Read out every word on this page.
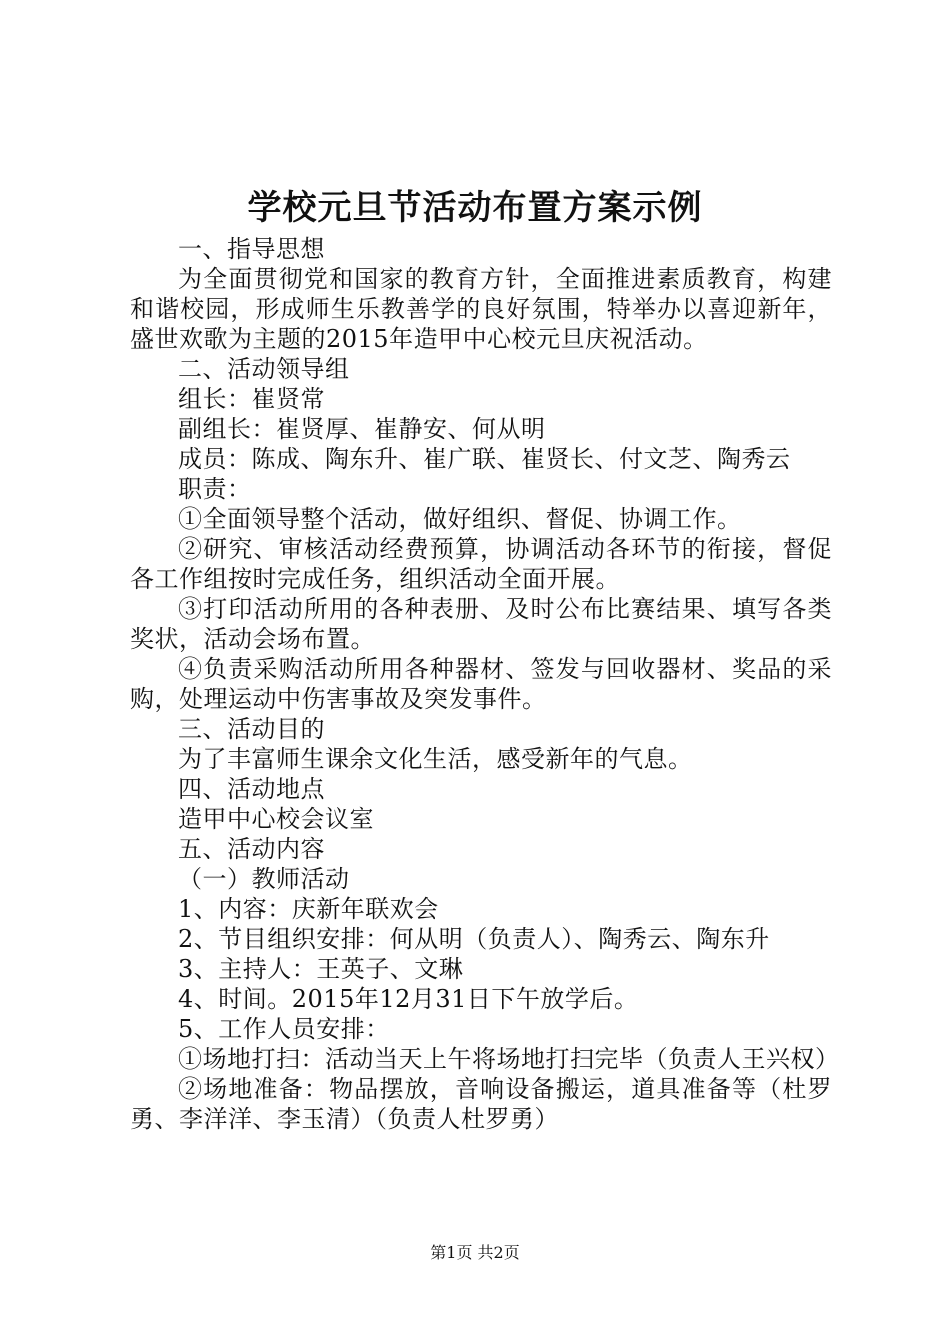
学校元旦节活动布置方案示例

一、指导思想

为全面贯彻党和国家的教育方针，全面推进素质教育，构建和谐校园，形成师生乐教善学的良好氛围，特举办以喜迎新年，盛世欢歌为主题的2015年造甲中心校元旦庆祝活动。

二、活动领导组

组长：崔贤常

副组长：崔贤厚、崔静安、何从明

成员：陈成、陶东升、崔广联、崔贤长、付文芝、陶秀云

职责：

①全面领导整个活动，做好组织、督促、协调工作。

②研究、审核活动经费预算，协调活动各环节的衔接，督促各工作组按时完成任务，组织活动全面开展。

③打印活动所用的各种表册、及时公布比赛结果、填写各类奖状，活动会场布置。

④负责采购活动所用各种器材、签发与回收器材、奖品的采购，处理运动中伤害事故及突发事件。

三、活动目的

为了丰富师生课余文化生活，感受新年的气息。

四、活动地点

造甲中心校会议室

五、活动内容

（一）教师活动

1、内容：庆新年联欢会

2、节目组织安排：何从明（负责人）、陶秀云、陶东升

3、主持人：王英子、文琳

4、时间。2015年12月31日下午放学后。

5、工作人员安排：

①场地打扫：活动当天上午将场地打扫完毕（负责人王兴权）

②场地准备：物品摆放，音响设备搬运，道具准备等（杜罗勇、李洋洋、李玉清）（负责人杜罗勇）

第1页 共2页
